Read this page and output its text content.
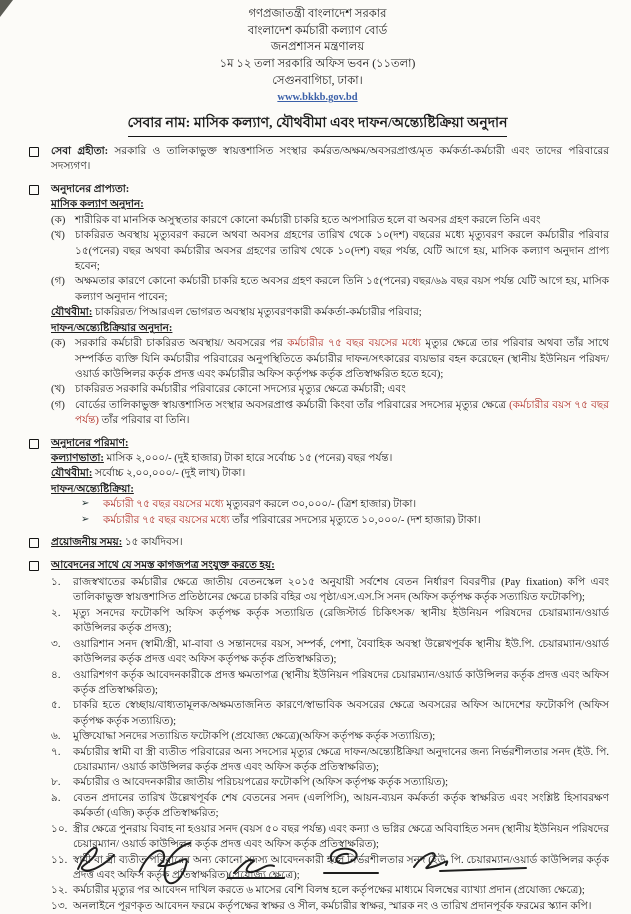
গণপ্রজাতন্ত্রী বাংলাদেশ সরকার
বাংলাদেশ কর্মচারী কল্যাণ বোর্ড
জনপ্রশাসন মন্ত্রণালয়
১ম ১২ তলা সরকারি অফিস ভবন (১১তলা)
সেগুনবাগিচা, ঢাকা।
www.bkkb.gov.bd
সেবার নাম: মাসিক কল্যাণ, যৌথবীমা এবং দাফন/অন্ত্যেষ্টিক্রিয়া অনুদান
সেবা গ্রহীতা: সরকারি ও তালিকাভুক্ত স্বায়ত্তশাসিত সংস্থার কর্মরত/অক্ষম/অবসরপ্রাপ্ত/মৃত কর্মকর্তা-কর্মচারী এবং তাদের পরিবারের সদস্যগণ।
অনুদানের প্রাপ্যতা:
মাসিক কল্যাণ অনুদান:
(ক) শারীরিক বা মানসিক অসুস্থতার কারণে কোনো কর্মচারী চাকরি হতে অপসারিত হলে বা অবসর গ্রহণ করলে তিনি এবং
(খ) চাকরিরত অবস্থায় মৃত্যুবরণ করলে অথবা অবসর গ্রহণের তারিখ থেকে ১০(দশ) বছরের মধ্যে মৃত্যুবরণ করলে কর্মচারীর পরিবার ১৫(পনের) বছর অথবা কর্মচারীর অবসর গ্রহণের তারিখ থেকে ১০(দশ) বছর পর্যন্ত, যেটি আগে হয়, মাসিক কল্যাণ অনুদান প্রাপ্য হবেন;
(গ) অক্ষমতার কারণে কোনো কর্মচারী চাকরি হতে অবসর গ্রহণ করলে তিনি ১৫(পনের) বছর/৬৯ বছর বয়স পর্যন্ত যেটি আগে হয়, মাসিক কল্যাণ অনুদান পাবেন;
যৌথবীমা: চাকরিরত/ পিআরএল ভোগরত অবস্থায় মৃত্যুবরণকারী কর্মকর্তা-কর্মচারীর পরিবার;
দাফন/অন্ত্যেষ্টিক্রিয়ার অনুদান:
(ক) সরকারি কর্মচারী চাকরিরত অবস্থায়/ অবসরের পর কর্মচারীর ৭৫ বছর বয়সের মধ্যে মৃত্যুর ক্ষেত্রে তার পরিবার অথবা তাঁর সাথে সম্পর্কিত ব্যক্তি যিনি কর্মচারীর পরিবারের অনুপস্থিতিতে কর্মচারীর দাফন/সৎকারের ব্যয়ভার বহন করেছেন (স্থানীয় ইউনিয়ন পরিষদ/ ওয়ার্ড কাউন্সিলর কর্তৃক প্রদত্ত এবং কর্মচারীর অফিস কর্তৃপক্ষ কর্তৃক প্রতিস্বাক্ষরিত হতে হবে);
(খ) চাকরিরত সরকারি কর্মচারীর পরিবারের কোনো সদস্যের মৃত্যুর ক্ষেত্রে কর্মচারী; এবং
(গ) বোর্ডের তালিকাভুক্ত স্বায়ত্তশাসিত সংস্থার অবসরপ্রাপ্ত কর্মচারী কিংবা তাঁর পরিবারের সদস্যের মৃত্যুর ক্ষেত্রে (কর্মচারীর বয়স ৭৫ বছর পর্যন্ত) তাঁর পরিবার বা তিনি।
অনুদানের পরিমাণ:
কল্যাণভাতা: মাসিক ২,০০০/- (দুই হাজার) টাকা হারে সর্বোচ্চ ১৫ (পনের) বছর পর্যন্ত।
যৌথবীমা: সর্বোচ্চ ২,০০,০০০/- (দুই লাখ) টাকা।
দাফন/অন্ত্যেষ্টিক্রিয়া:
➢	কর্মচারী ৭৫ বছর বয়সের মধ্যে মৃত্যুবরণ করলে ৩০,০০০/- (ত্রিশ হাজার) টাকা।
➢	কর্মচারীর ৭৫ বছর বয়সের মধ্যে তাঁর পরিবারের সদস্যের মৃত্যুতে ১০,০০০/- (দশ হাজার) টাকা।
প্রয়োজনীয় সময়: ১৫ কার্যদিবস।
আবেদনের সাথে যে সমস্ত কাগজপত্র সংযুক্ত করতে হয়:
১.	রাজস্বখাতের কর্মচারীর ক্ষেত্রে জাতীয় বেতনস্কেল ২০১৫ অনুযায়ী সর্বশেষ বেতন নির্ধারণ বিবরণীর (Pay fixation) কপি এবং তালিকাভুক্ত স্বায়ত্তশাসিত প্রতিষ্ঠানের ক্ষেত্রে চাকরি বহির ৩য় পৃষ্ঠা/এস.এস.সি সনদ (অফিস কর্তৃপক্ষ কর্তৃক সত্যায়িত ফটোকপি);
২.	মৃত্যু সনদের ফটোকপি অফিস কর্তৃপক্ষ কর্তৃক সত্যায়িত (রেজিস্টার্ড চিকিৎসক/ স্থানীয় ইউনিয়ন পরিষদের চেয়ারম্যান/ওয়ার্ড কাউন্সিলর কর্তৃক প্রদত্ত);
৩.	ওয়ারিশান সনদ (স্বামী/স্ত্রী, মা-বাবা ও সন্তানদের বয়স, সম্পর্ক, পেশা, বৈবাহিক অবস্থা উল্লেখপূর্বক স্থানীয় ইউ.পি. চেয়ারম্যান/ওয়ার্ড কাউন্সিলর কর্তৃক প্রদত্ত এবং অফিস কর্তৃপক্ষ কর্তৃক প্রতিস্বাক্ষরিত);
৪.	ওয়ারিশগণ কর্তৃক আবেদনকারীকে প্রদত্ত ক্ষমতাপত্র (স্থানীয় ইউনিয়ন পরিষদের চেয়ারম্যান/ওয়ার্ড কাউন্সিলর কর্তৃক প্রদত্ত এবং অফিস কর্তৃক প্রতিস্বাক্ষরিত);
৫.	চাকরি হতে স্বেচ্ছায়/বাধ্যতামূলক/অক্ষমতাজনিত কারণে/স্বাভাবিক অবসরের ক্ষেত্রে অবসরের অফিস আদেশের ফটোকপি (অফিস কর্তৃপক্ষ কর্তৃক সত্যায়িত);
৬.	মুক্তিযোদ্ধা সনদের সত্যায়িত ফটোকপি (প্রযোজ্য ক্ষেত্রে)(অফিস কর্তৃপক্ষ কর্তৃক সত্যায়িত);
৭.	কর্মচারীর স্বামী বা স্ত্রী ব্যতীত পরিবারের অন্য সদস্যের মৃত্যুর ক্ষেত্রে দাফন/অন্ত্যেষ্টিক্রিয়া অনুদানের জন্য নির্ভরশীলতার সনদ (ইউ. পি. চেয়ারম্যান/ ওয়ার্ড কাউন্সিলর কর্তৃক প্রদত্ত এবং অফিস কর্তৃক প্রতিস্বাক্ষরিত);
৮.	কর্মচারীর ও আবেদনকারীর জাতীয় পরিচয়পত্রের ফটোকপি (অফিস কর্তৃপক্ষ কর্তৃক সত্যায়িত);
৯.	বেতন প্রদানের তারিখ উল্লেখপূর্বক শেষ বেতনের সনদ (এলপিসি), আয়ন-ব্যয়ন কর্মকর্তা কর্তৃক স্বাক্ষরিত এবং সংশ্লিষ্ট হিসাবরক্ষণ কর্মকর্তা (এজি) কর্তৃক প্রতিস্বাক্ষরিত;
১০. স্ত্রীর ক্ষেত্রে পুনরায় বিবাহ না হওয়ার সনদ (বয়স ৫০ বছর পর্যন্ত) এবং কন্যা ও ভগ্নির ক্ষেত্রে অবিবাহিত সনদ (স্থানীয় ইউনিয়ন পরিষদের চেয়ারম্যান/ ওয়ার্ড কাউন্সিলর কর্তৃক প্রদত্ত এবং অফিস কর্তৃক প্রতিস্বাক্ষরিত);
১১. স্বামী বা স্ত্রী ব্যতীত পরিবারের অন্য কোনো সদস্য আবেদনকারী হলে নির্ভরশীলতার সনদ (ইউ. পি. চেয়ারম্যান/ওয়ার্ড কাউন্সিলর কর্তৃক প্রদত্ত এবং অফিস কর্তৃক প্রতিস্বাক্ষরিত)(প্রযোজ্য ক্ষেত্রে);
১২. কর্মচারীর মৃত্যুর পর আবেদন দাখিল করতে ৬ মাসের বেশি বিলম্ব হলে কর্তৃপক্ষের মাধ্যমে বিলম্বের ব্যাখ্যা প্রদান (প্রযোজ্য ক্ষেত্রে);
১৩. অনলাইনে পূরণকৃত আবেদন ফরমে কর্তৃপক্ষের স্বাক্ষর ও সীল, কর্মচারীর স্বাক্ষর, স্মারক নং ও তারিখ প্রদানপূর্বক ফরমের স্ক্যান কপি।
